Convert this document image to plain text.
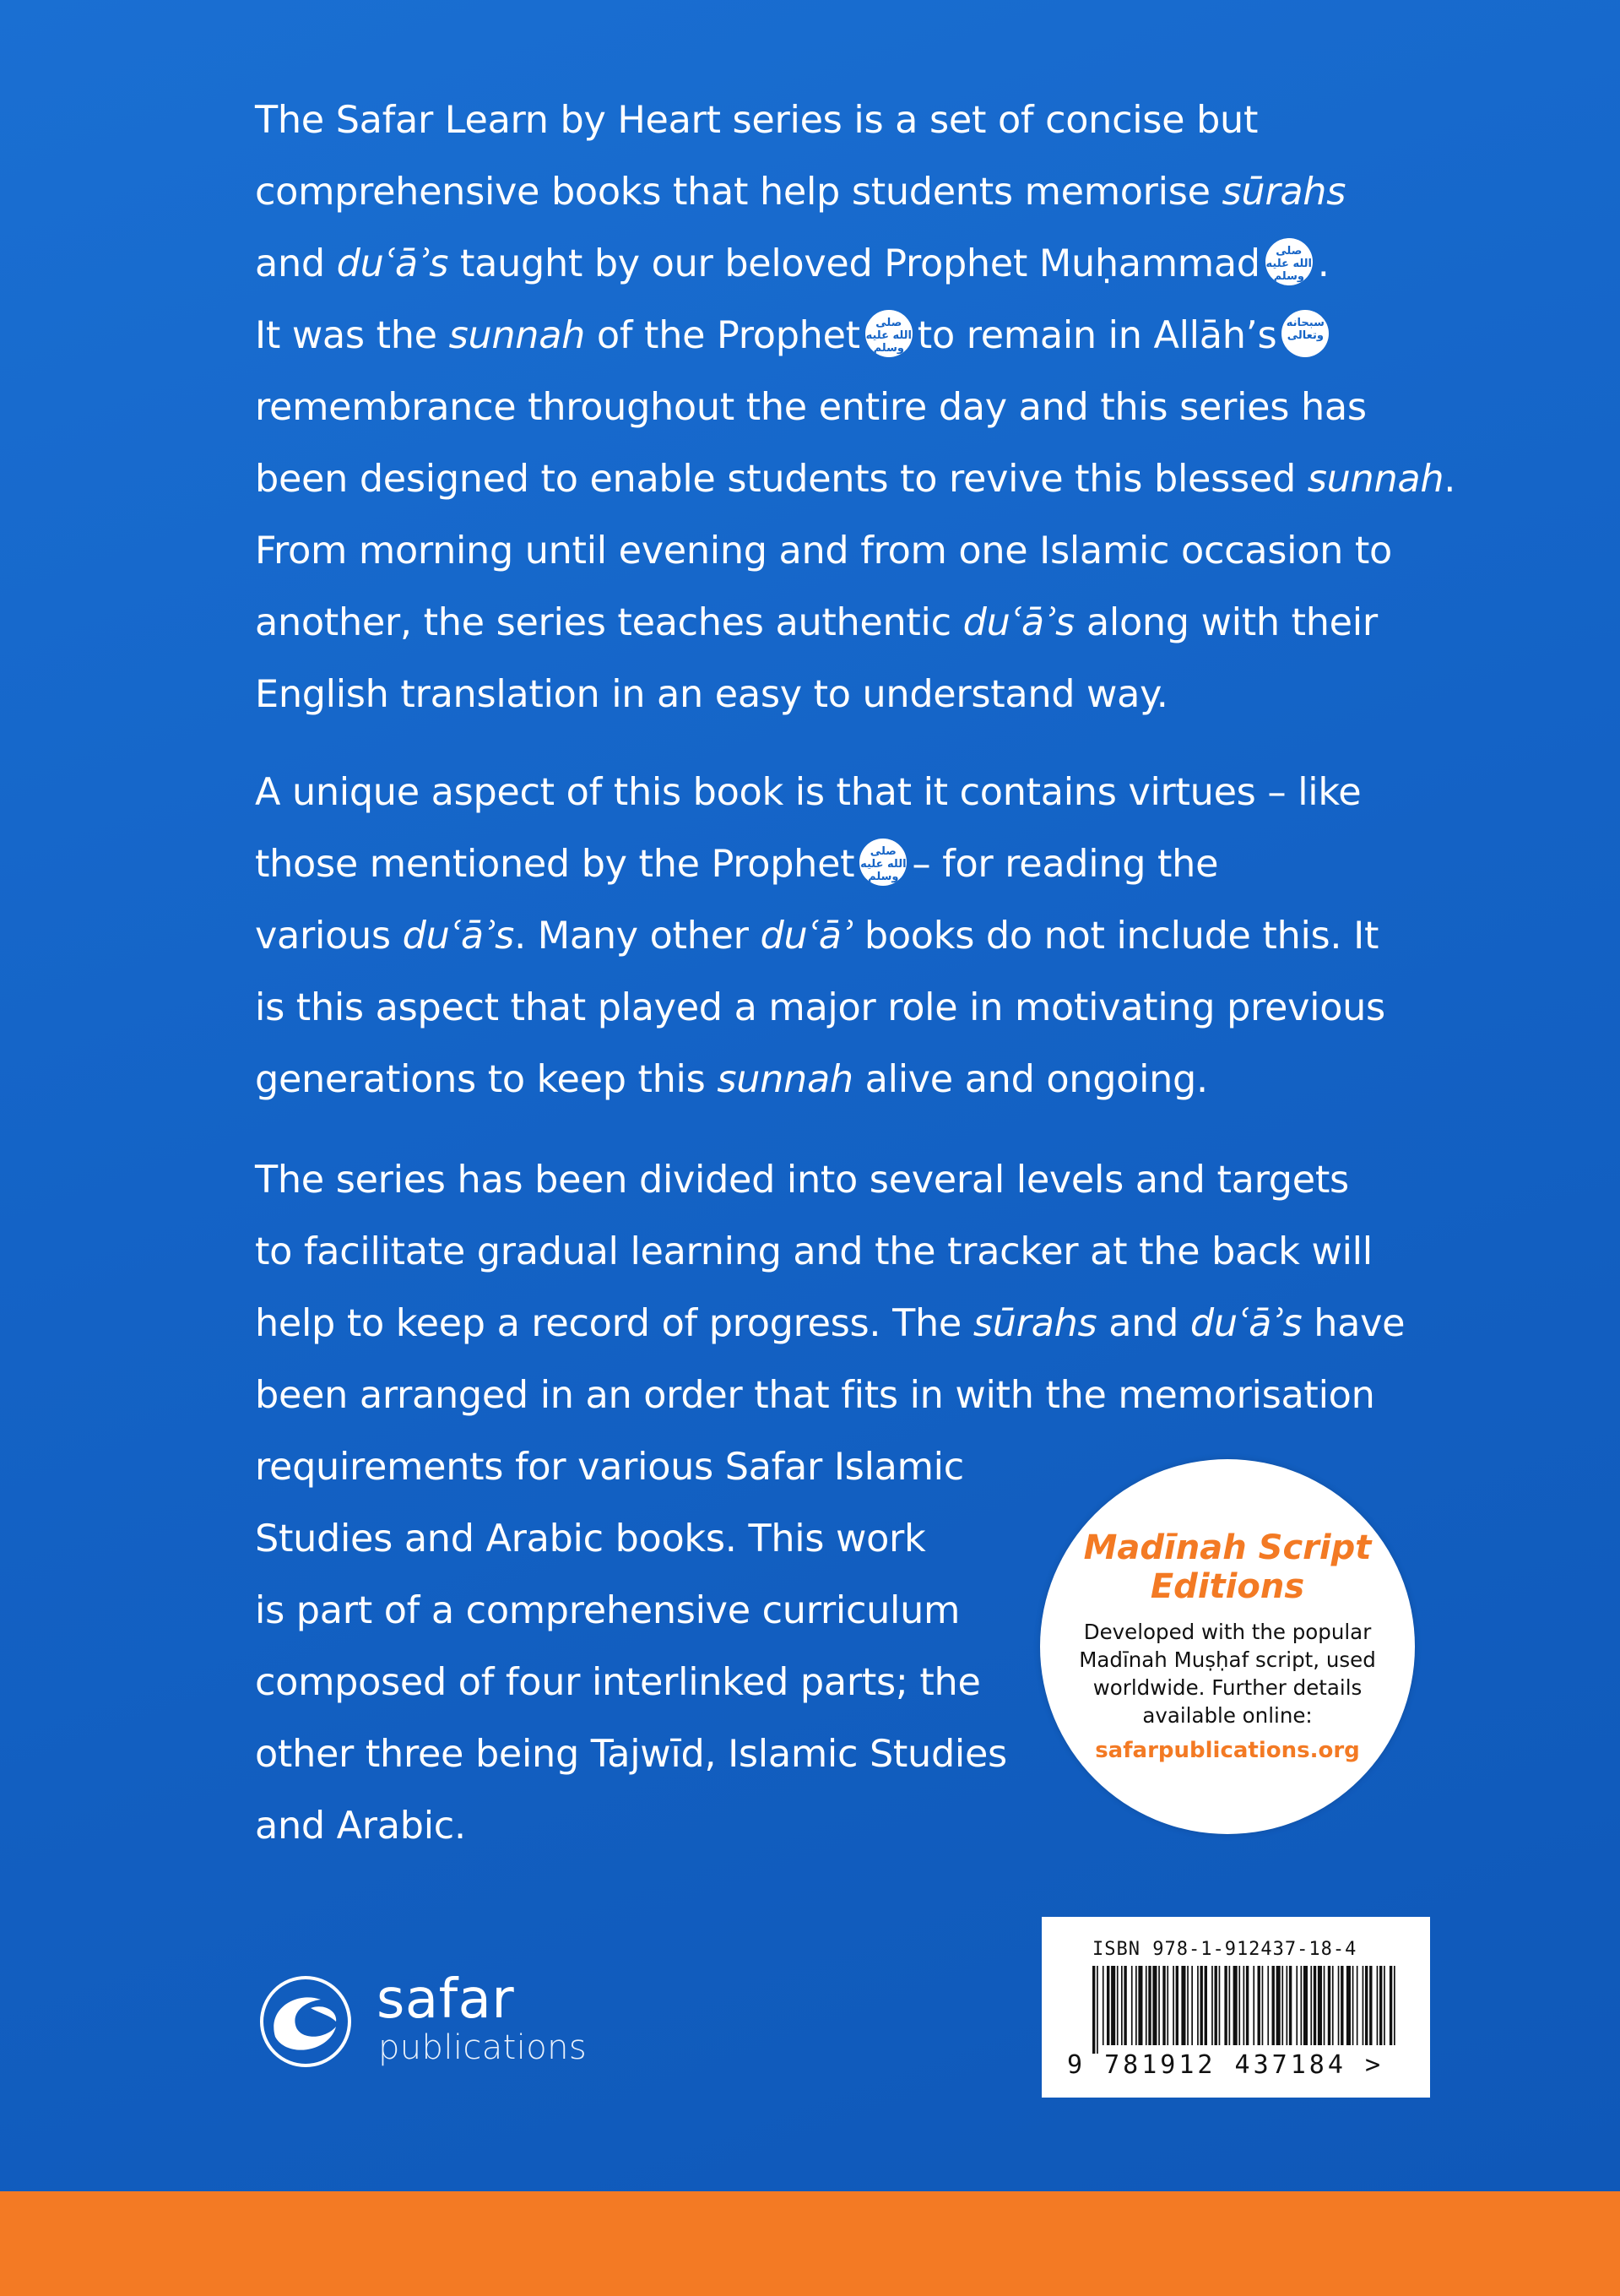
The Safar Learn by Heart series is a set of concise but
comprehensive books that help students memorise sūrahs
and duʿāʾs taught by our beloved Prophet Muḥammad	صلى الله عليه وسلم .
It was the sunnah of the Prophet	صلى الله عليه وسلم to remain in Allāh’s سبحانه وتعالى
remembrance throughout the entire day and this series has
been designed to enable students to revive this blessed sunnah.
From morning until evening and from one Islamic occasion to
another, the series teaches authentic duʿāʾs along with their
English translation in an easy to understand way.
A unique aspect of this book is that it contains virtues – like
those mentioned by the Prophet	صلى الله عليه وسلم – for reading the
various duʿāʾs. Many other duʿāʾ books do not include this. It
is this aspect that played a major role in motivating previous
generations to keep this sunnah alive and ongoing.
The series has been divided into several levels and targets
to facilitate gradual learning and the tracker at the back will
help to keep a record of progress. The sūrahs and duʿāʾs have
been arranged in an order that fits in with the memorisation
requirements for various Safar Islamic
Studies and Arabic books. This work
is part of a comprehensive curriculum
composed of four interlinked parts; the
other three being Tajwīd, Islamic Studies
and Arabic.
Madīnah Script
Editions
Developed with the popular
Madīnah Muṣḥaf script, used
worldwide. Further details
available online:
safarpublications.org
safar
publications
ISBN 978-1-912437-18-4
9 781912 437184 >
